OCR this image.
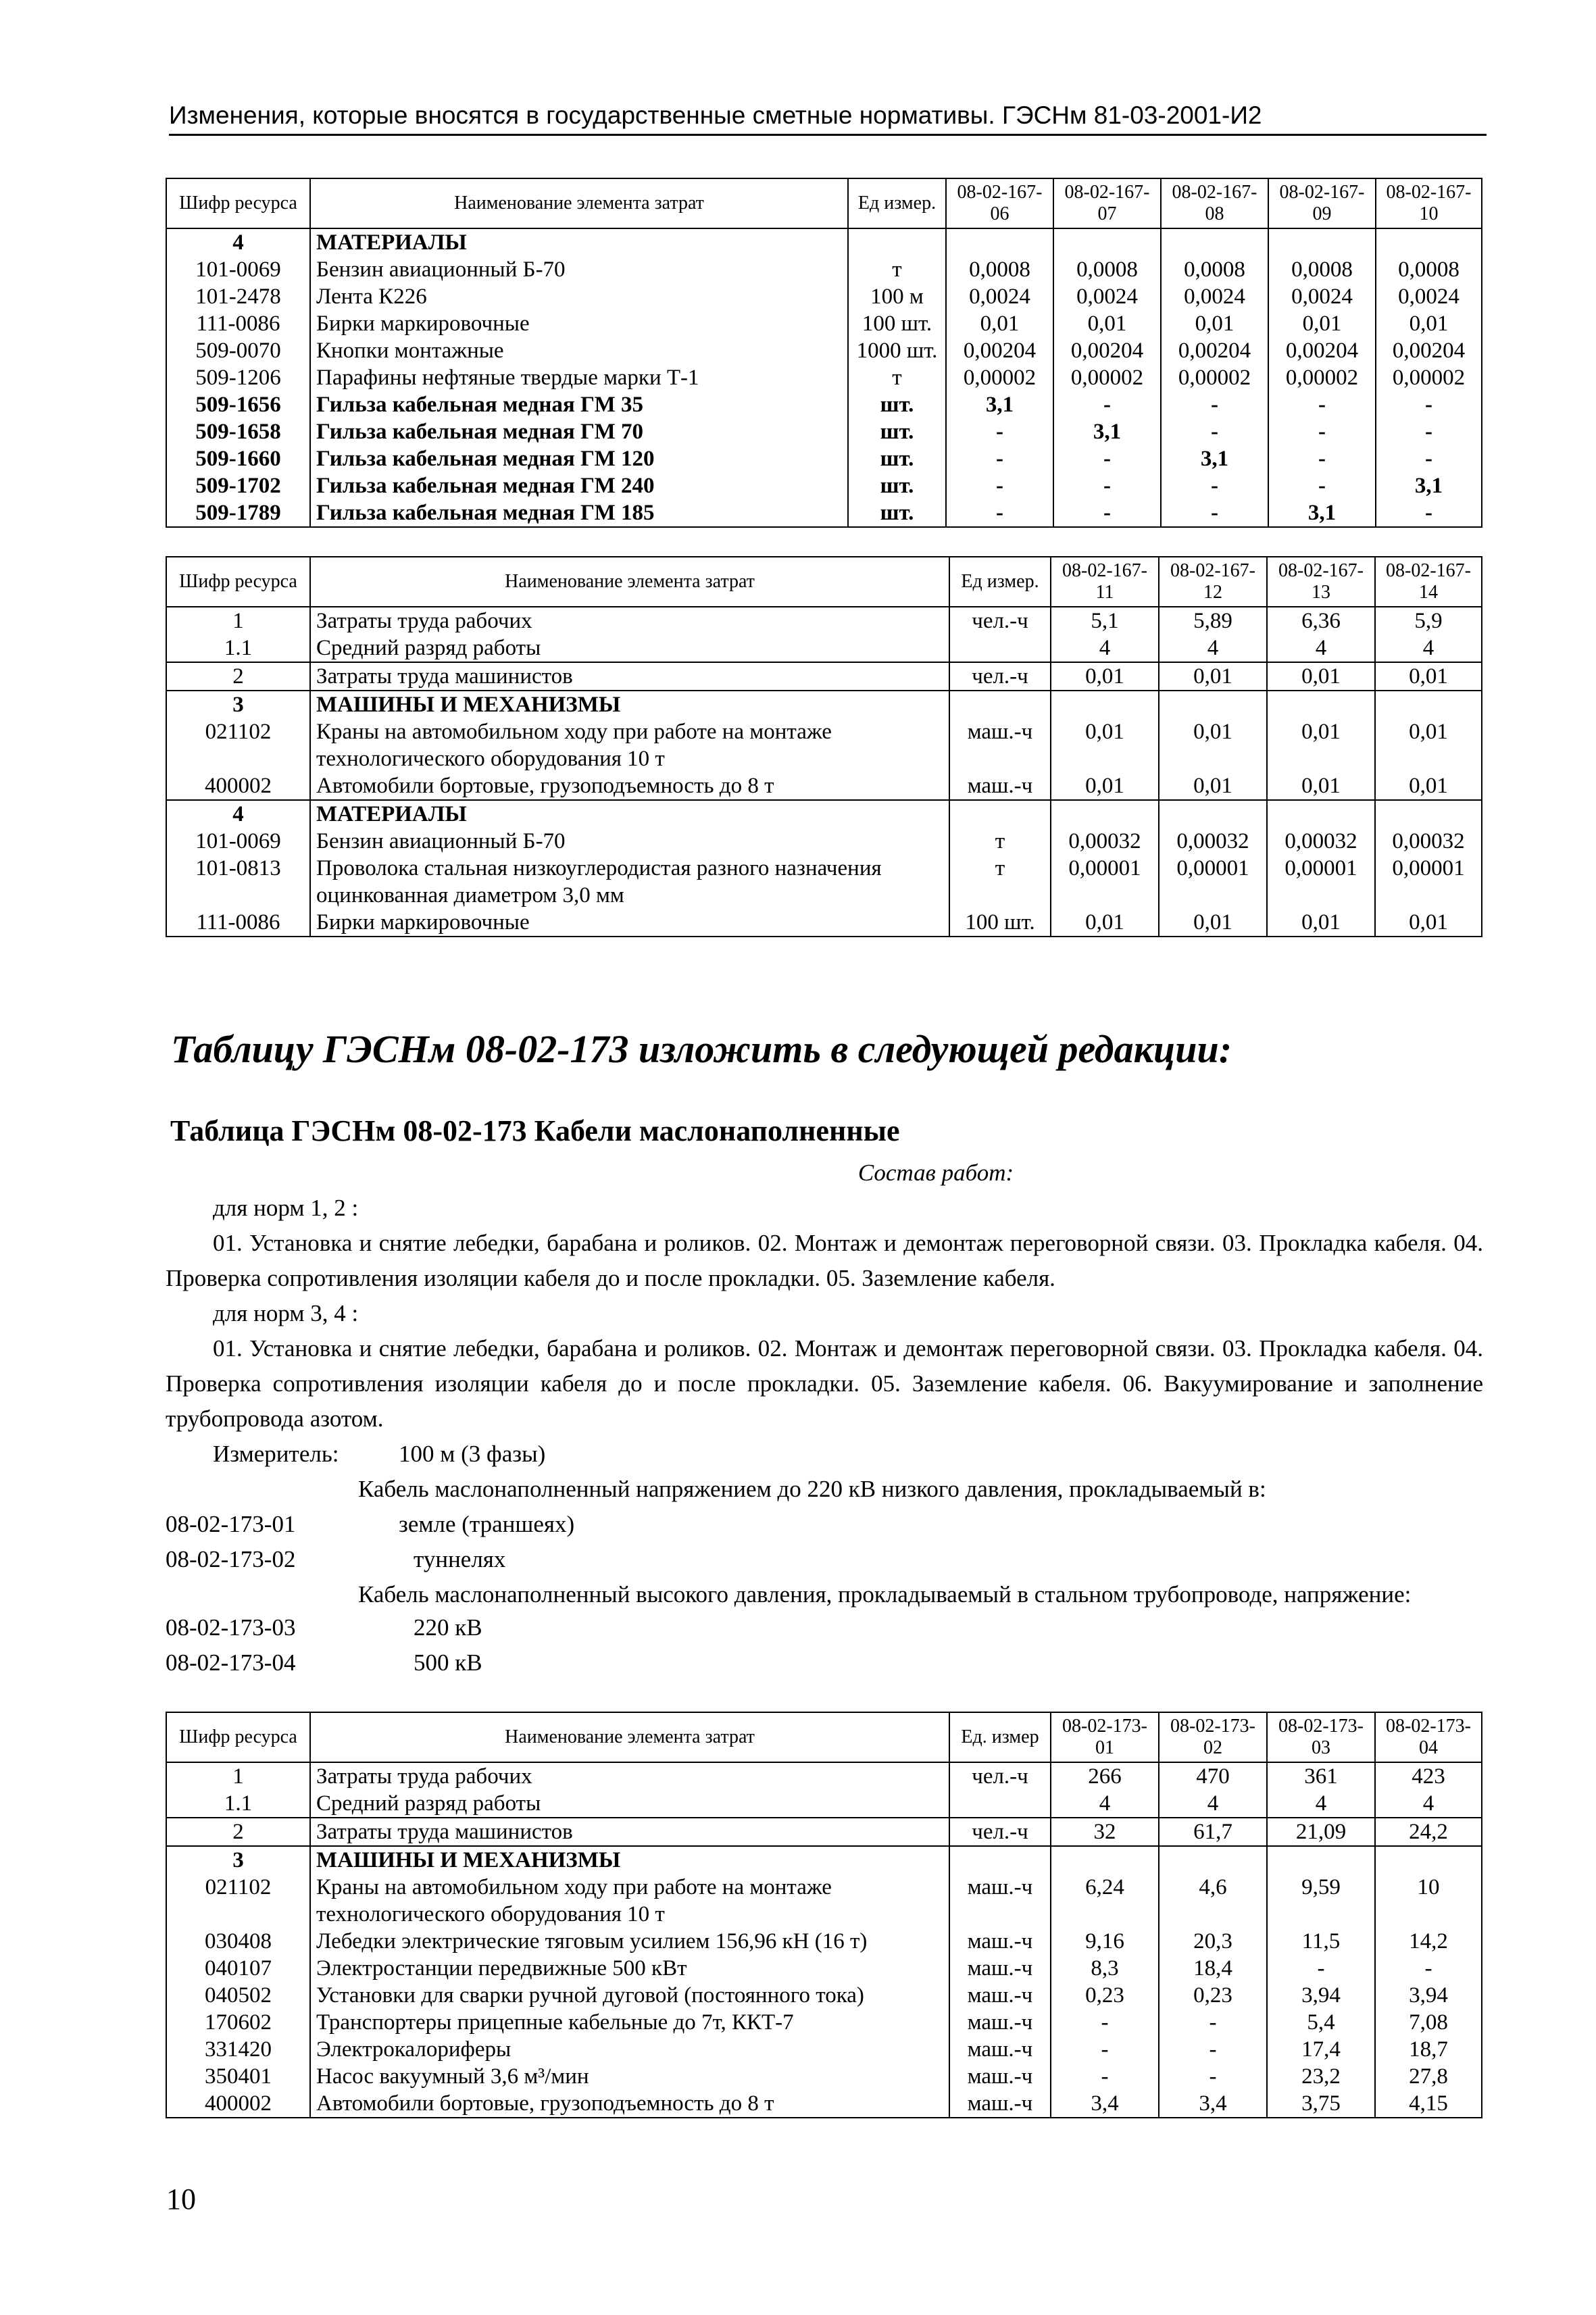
Изменения, которые вносятся в государственные сметные нормативы. ГЭСНм 81-03-2001-И2
Шифр ресурса	Наименование элемента затрат	Ед измер.	08-02-167-06	08-02-167-07	08-02-167-08	08-02-167-09	08-02-167-10
4	МАТЕРИАЛЫ						
101-0069	Бензин авиационный Б-70	т	0,0008	0,0008	0,0008	0,0008	0,0008
101-2478	Лента К226	100 м	0,0024	0,0024	0,0024	0,0024	0,0024
111-0086	Бирки маркировочные	100 шт.	0,01	0,01	0,01	0,01	0,01
509-0070	Кнопки монтажные	1000 шт.	0,00204	0,00204	0,00204	0,00204	0,00204
509-1206	Парафины нефтяные твердые марки Т-1	т	0,00002	0,00002	0,00002	0,00002	0,00002
509-1656	Гильза кабельная медная ГМ 35	шт.	3,1	-	-	-	-
509-1658	Гильза кабельная медная ГМ 70	шт.	-	3,1	-	-	-
509-1660	Гильза кабельная медная ГМ 120	шт.	-	-	3,1	-	-
509-1702	Гильза кабельная медная ГМ 240	шт.	-	-	-	-	3,1
509-1789	Гильза кабельная медная ГМ 185	шт.	-	-	-	3,1	-
Шифр ресурса	Наименование элемента затрат	Ед измер.	08-02-167-11	08-02-167-12	08-02-167-13	08-02-167-14
1	Затраты труда рабочих	чел.-ч	5,1	5,89	6,36	5,9
1.1	Средний разряд работы		4	4	4	4
2	Затраты труда машинистов	чел.-ч	0,01	0,01	0,01	0,01
3	МАШИНЫ И МЕХАНИЗМЫ					
021102	Краны на автомобильном ходу при работе на монтаже	маш.-ч	0,01	0,01	0,01	0,01
	технологического оборудования 10 т					
400002	Автомобили бортовые, грузоподъемность до 8 т	маш.-ч	0,01	0,01	0,01	0,01
4	МАТЕРИАЛЫ					
101-0069	Бензин авиационный Б-70	т	0,00032	0,00032	0,00032	0,00032
101-0813	Проволока стальная низкоуглеродистая разного назначения	т	0,00001	0,00001	0,00001	0,00001
	оцинкованная диаметром 3,0 мм					
111-0086	Бирки маркировочные	100 шт.	0,01	0,01	0,01	0,01
Таблицу ГЭСНм 08-02-173 изложить в следующей редакции:
Таблица ГЭСНм 08-02-173 Кабели маслонаполненные

Состав работ:

для норм 1, 2 :

01. Установка и снятие лебедки, барабана и роликов. 02. Монтаж и демонтаж переговорной связи. 03. Прокладка кабеля. 04. Проверка сопротивления изоляции кабеля до и после прокладки. 05. Заземление кабеля.

для норм 3, 4 :

01. Установка и снятие лебедки, барабана и роликов. 02. Монтаж и демонтаж переговорной связи. 03. Прокладка кабеля. 04. Проверка сопротивления изоляции кабеля до и после прокладки. 05. Заземление кабеля. 06. Вакуумирование и заполнение трубопровода азотом.

Измеритель:	100 м (3 фазы)

Кабель маслонаполненный напряжением до 220 кВ низкого давления, прокладываемый в:

08-02-173-01	земле (траншеях)
08-02-173-02	туннелях

Кабель маслонаполненный высокого давления, прокладываемый в стальном трубопроводе, напряжение:

08-02-173-03	220 кВ
08-02-173-04	500 кВ
Шифр ресурса	Наименование элемента затрат	Ед. измер	08-02-173-01	08-02-173-02	08-02-173-03	08-02-173-04
1	Затраты труда рабочих	чел.-ч	266	470	361	423
1.1	Средний разряд работы		4	4	4	4
2	Затраты труда машинистов	чел.-ч	32	61,7	21,09	24,2
3	МАШИНЫ И МЕХАНИЗМЫ					
021102	Краны на автомобильном ходу при работе на монтаже	маш.-ч	6,24	4,6	9,59	10
	технологического оборудования 10 т					
030408	Лебедки электрические тяговым усилием 156,96 кН (16 т)	маш.-ч	9,16	20,3	11,5	14,2
040107	Электростанции передвижные 500 кВт	маш.-ч	8,3	18,4	-	-
040502	Установки для сварки ручной дуговой (постоянного тока)	маш.-ч	0,23	0,23	3,94	3,94
170602	Транспортеры прицепные кабельные до 7т, ККТ-7	маш.-ч	-	-	5,4	7,08
331420	Электрокалориферы	маш.-ч	-	-	17,4	18,7
350401	Насос вакуумный 3,6 м³/мин	маш.-ч	-	-	23,2	27,8
400002	Автомобили бортовые, грузоподъемность до 8 т	маш.-ч	3,4	3,4	3,75	4,15
10
